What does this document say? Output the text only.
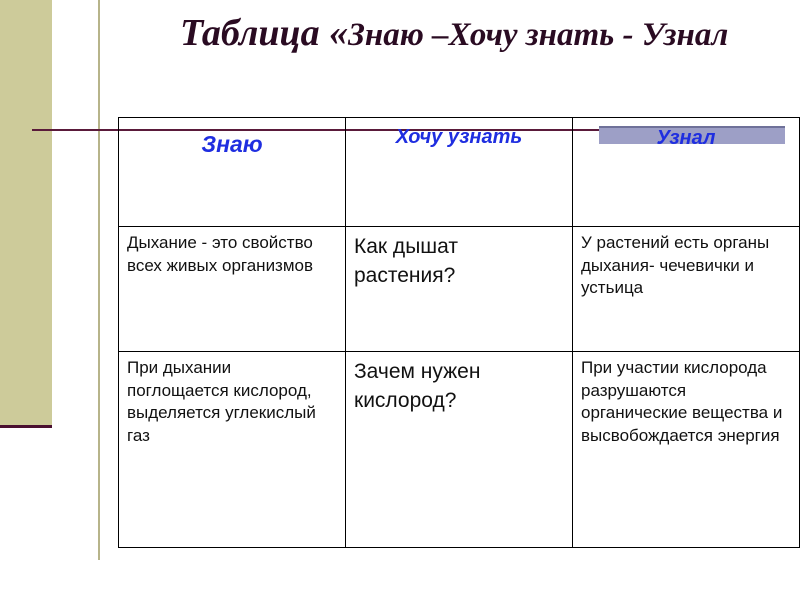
Таблица «Знаю –Хочу знать - Узнал
Знаю	Хочу узнать	Узнал

Дыхание - это свойство всех живых организмов	Как дышат растения?	У растений есть органы дыхания- чечевички и устьица

При дыхании поглощается кислород, выделяется углекислый газ	Зачем нужен кислород?	При участии кислорода разрушаются органические вещества и высвобождается энергия
